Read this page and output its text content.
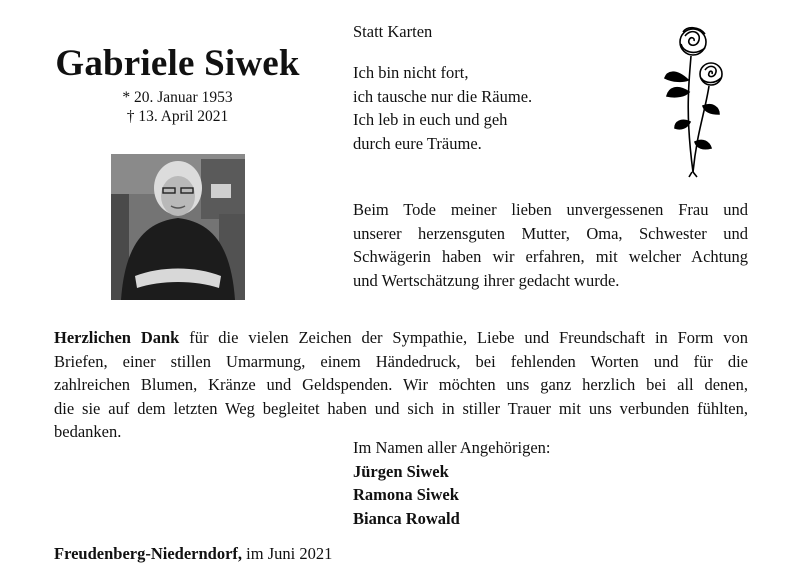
Gabriele Siwek
* 20. Januar 1953
† 13. April 2021
Statt Karten
Ich bin nicht fort,
ich tausche nur die Räume.
Ich leb in euch und geh
durch eure Träume.
Beim Tode meiner lieben unvergessenen Frau und
unserer herzensguten Mutter, Oma, Schwester und
Schwägerin haben wir erfahren, mit welcher Achtung
und Wertschätzung ihrer gedacht wurde.
Herzlichen Dank für die vielen Zeichen der Sympathie, Liebe und Freundschaft in Form von
Briefen, einer stillen Umarmung, einem Händedruck, bei fehlenden Worten und für die
zahlreichen Blumen, Kränze und Geldspenden. Wir möchten uns ganz herzlich bei all denen,
die sie auf dem letzten Weg begleitet haben und sich in stiller Trauer mit uns verbunden fühlten,
bedanken.
Im Namen aller Angehörigen:
Jürgen Siwek
Ramona Siwek
Bianca Rowald
Freudenberg-Niederndorf, im Juni 2021
